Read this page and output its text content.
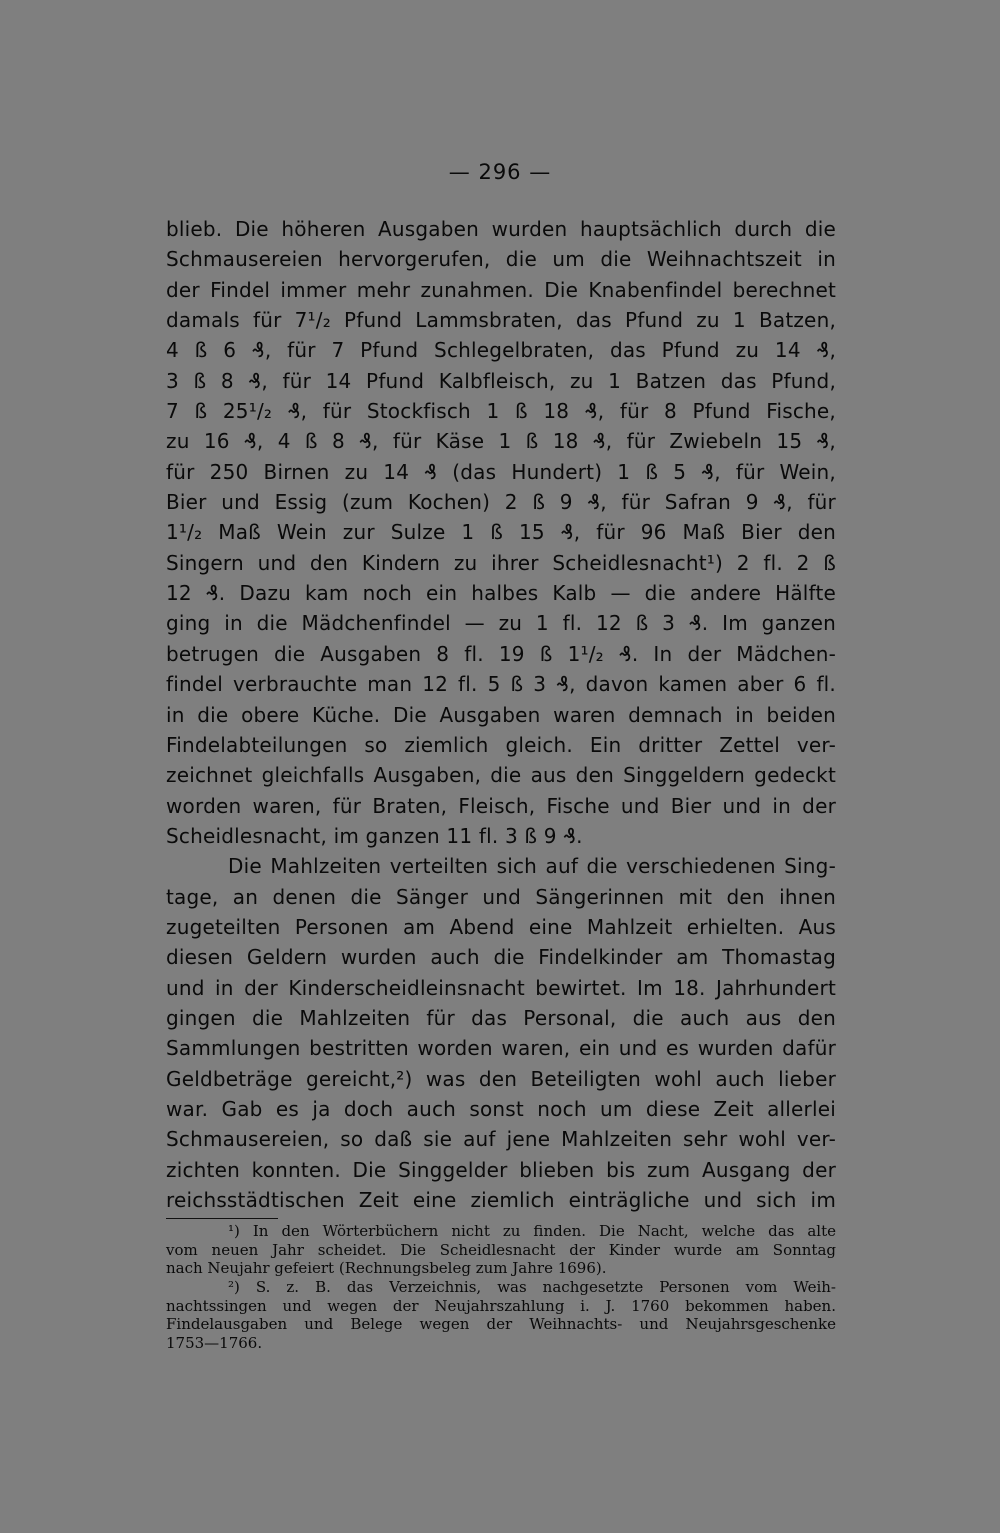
— 296 —
blieb. Die höheren Ausgaben wurden hauptsächlich durch die
Schmausereien hervorgerufen, die um die Weihnachtszeit in
der Findel immer mehr zunahmen. Die Knabenfindel berechnet
damals für 7¹/₂ Pfund Lammsbraten, das Pfund zu 1 Batzen,
4 ß 6 ₰, für 7 Pfund Schlegelbraten, das Pfund zu 14 ₰,
3 ß 8 ₰, für 14 Pfund Kalbfleisch, zu 1 Batzen das Pfund,
7 ß 25¹/₂ ₰, für Stockfisch 1 ß 18 ₰, für 8 Pfund Fische,
zu 16 ₰, 4 ß 8 ₰, für Käse 1 ß 18 ₰, für Zwiebeln 15 ₰,
für 250 Birnen zu 14 ₰ (das Hundert) 1 ß 5 ₰, für Wein,
Bier und Essig (zum Kochen) 2 ß 9 ₰, für Safran 9 ₰, für
1¹/₂ Maß Wein zur Sulze 1 ß 15 ₰, für 96 Maß Bier den
Singern und den Kindern zu ihrer Scheidlesnacht¹) 2 fl. 2 ß
12 ₰. Dazu kam noch ein halbes Kalb — die andere Hälfte
ging in die Mädchenfindel — zu 1 fl. 12 ß 3 ₰. Im ganzen
betrugen die Ausgaben 8 fl. 19 ß 1¹/₂ ₰. In der Mädchen-
findel verbrauchte man 12 fl. 5 ß 3 ₰, davon kamen aber 6 fl.
in die obere Küche. Die Ausgaben waren demnach in beiden
Findelabteilungen so ziemlich gleich. Ein dritter Zettel ver-
zeichnet gleichfalls Ausgaben, die aus den Singgeldern gedeckt
worden waren, für Braten, Fleisch, Fische und Bier und in der
Scheidlesnacht, im ganzen 11 fl. 3 ß 9 ₰.
Die Mahlzeiten verteilten sich auf die verschiedenen Sing-
tage, an denen die Sänger und Sängerinnen mit den ihnen
zugeteilten Personen am Abend eine Mahlzeit erhielten. Aus
diesen Geldern wurden auch die Findelkinder am Thomastag
und in der Kinderscheidleinsnacht bewirtet. Im 18. Jahrhundert
gingen die Mahlzeiten für das Personal, die auch aus den
Sammlungen bestritten worden waren, ein und es wurden dafür
Geldbeträge gereicht,²) was den Beteiligten wohl auch lieber
war. Gab es ja doch auch sonst noch um diese Zeit allerlei
Schmausereien, so daß sie auf jene Mahlzeiten sehr wohl ver-
zichten konnten. Die Singgelder blieben bis zum Ausgang der
reichsstädtischen Zeit eine ziemlich einträgliche und sich im
¹) In den Wörterbüchern nicht zu finden. Die Nacht, welche das alte
vom neuen Jahr scheidet. Die Scheidlesnacht der Kinder wurde am Sonntag
nach Neujahr gefeiert (Rechnungsbeleg zum Jahre 1696).
²) S. z. B. das Verzeichnis, was nachgesetzte Personen vom Weih-
nachtssingen und wegen der Neujahrszahlung i. J. 1760 bekommen haben.
Findelausgaben und Belege wegen der Weihnachts- und Neujahrsgeschenke
1753—1766.
